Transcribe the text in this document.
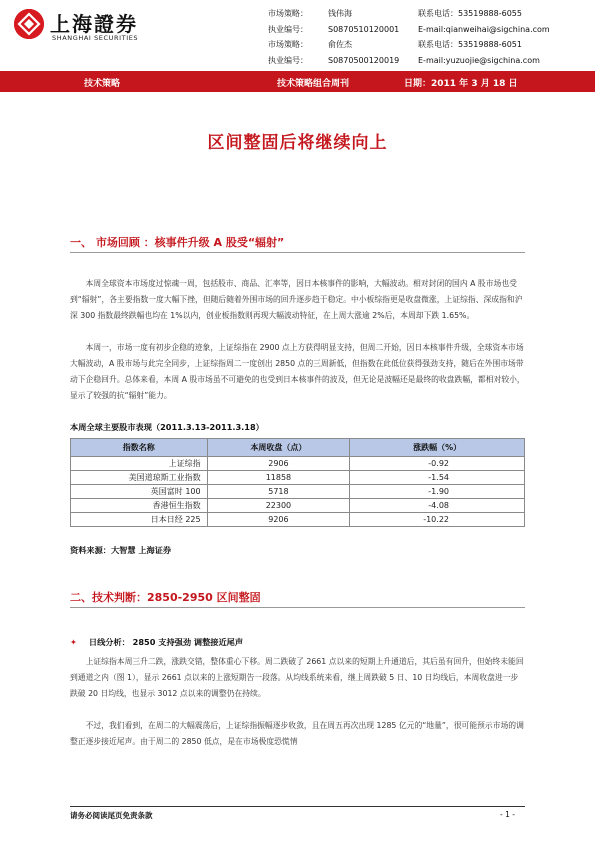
上海證券
SHANGHAI SECURITIES
市场策略：	钱伟海	联系电话：53519888-6055
执业编号：	S0870510120001	E-mail:qianweihai@sigchina.com
市场策略：	俞佐杰	联系电话：53519888-6051
执业编号：	S0870500120019	E-mail:yuzuojie@sigchina.com
技术策略	技术策略组合周刊	日期：2011 年 3 月 18 日
区间整固后将继续向上
一、 市场回顾 ：核事件升级 A 股受“辐射”

本周全球资本市场度过惊魂一周，包括股市、商品、汇率等，因日本核事件的影响，大幅波动。相对封闭的国内 A 股市场也受到“辐射”，各主要指数一度大幅下挫，但随后随着外围市场的回升逐步趋于稳定。中小板综指更是收盘微涨，上证综指、深成指和沪深 300 指数最终跌幅也均在 1%以内，创业板指数则再现大幅波动特征，在上周大涨逾 2%后，本周却下跌 1.65%。

本周一，市场一度有初步企稳的迹象，上证综指在 2900 点上方获得明显支持，但周二开始，因日本核事件升级，全球资本市场大幅波动，A 股市场与此完全同步，上证综指周二一度创出 2850 点的三周新低，但指数在此低位获得强劲支持，随后在外围市场带动下企稳回升。总体来看，本周 A 股市场虽不可避免的也受到日本核事件的波及，但无论是波幅还是最终的收盘跌幅，都相对较小，显示了较强的抗“辐射”能力。

本周全球主要股市表现（2011.3.13-2011.3.18）
指数名称	本周收盘（点）	涨跌幅（%）
上证综指	2906	-0.92
美国道琼斯工业指数	11858	-1.54
英国富时 100	5718	-1.90
香港恒生指数	22300	-4.08
日本日经 225	9206	-10.22
资料来源：大智慧 上海证券
二、技术判断：2850-2950 区间整固
✦ 日线分析： 2850 支持强劲 调整接近尾声

上证综指本周三升二跌，涨跌交错，整体重心下移。周二跌破了 2661 点以来的短期上升通道后，其后虽有回升，但始终未能回到通道之内（图 1），显示 2661 点以来的上涨短期告一段落。从均线系统来看，继上周跌破 5 日、10 日均线后，本周收盘进一步跌破 20 日均线，也显示 3012 点以来的调整仍在持续。

不过，我们看到，在周二的大幅震荡后，上证综指振幅逐步收敛，且在周五再次出现 1285 亿元的“地量”，很可能预示市场的调整正逐步接近尾声。由于周二的 2850 低点，是在市场极度恐慌情

请务必阅读尾页免责条款	- 1 -
